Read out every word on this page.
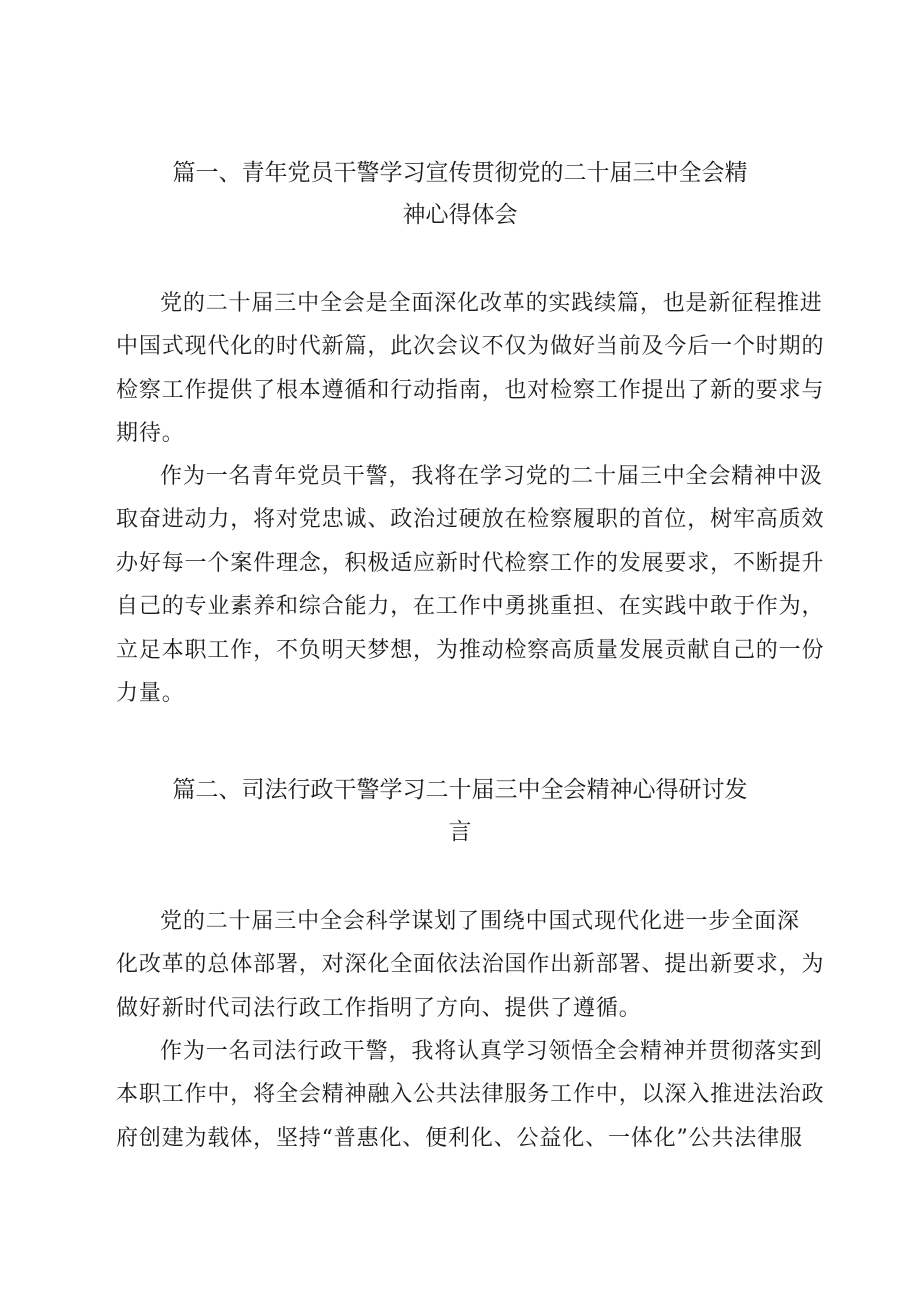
篇一、青年党员干警学习宣传贯彻党的二十届三中全会精
神心得体会
党的二十届三中全会是全面深化改革的实践续篇，也是新征程推进
中国式现代化的时代新篇，此次会议不仅为做好当前及今后一个时期的
检察工作提供了根本遵循和行动指南，也对检察工作提出了新的要求与
期待。
作为一名青年党员干警，我将在学习党的二十届三中全会精神中汲
取奋进动力，将对党忠诚、政治过硬放在检察履职的首位，树牢高质效
办好每一个案件理念，积极适应新时代检察工作的发展要求，不断提升
自己的专业素养和综合能力，在工作中勇挑重担、在实践中敢于作为，
立足本职工作，不负明天梦想，为推动检察高质量发展贡献自己的一份
力量。
篇二、司法行政干警学习二十届三中全会精神心得研讨发
言
党的二十届三中全会科学谋划了围绕中国式现代化进一步全面深
化改革的总体部署，对深化全面依法治国作出新部署、提出新要求，为
做好新时代司法行政工作指明了方向、提供了遵循。
作为一名司法行政干警，我将认真学习领悟全会精神并贯彻落实到
本职工作中，将全会精神融入公共法律服务工作中，以深入推进法治政
府创建为载体，坚持“普惠化、便利化、公益化、一体化”公共法律服
